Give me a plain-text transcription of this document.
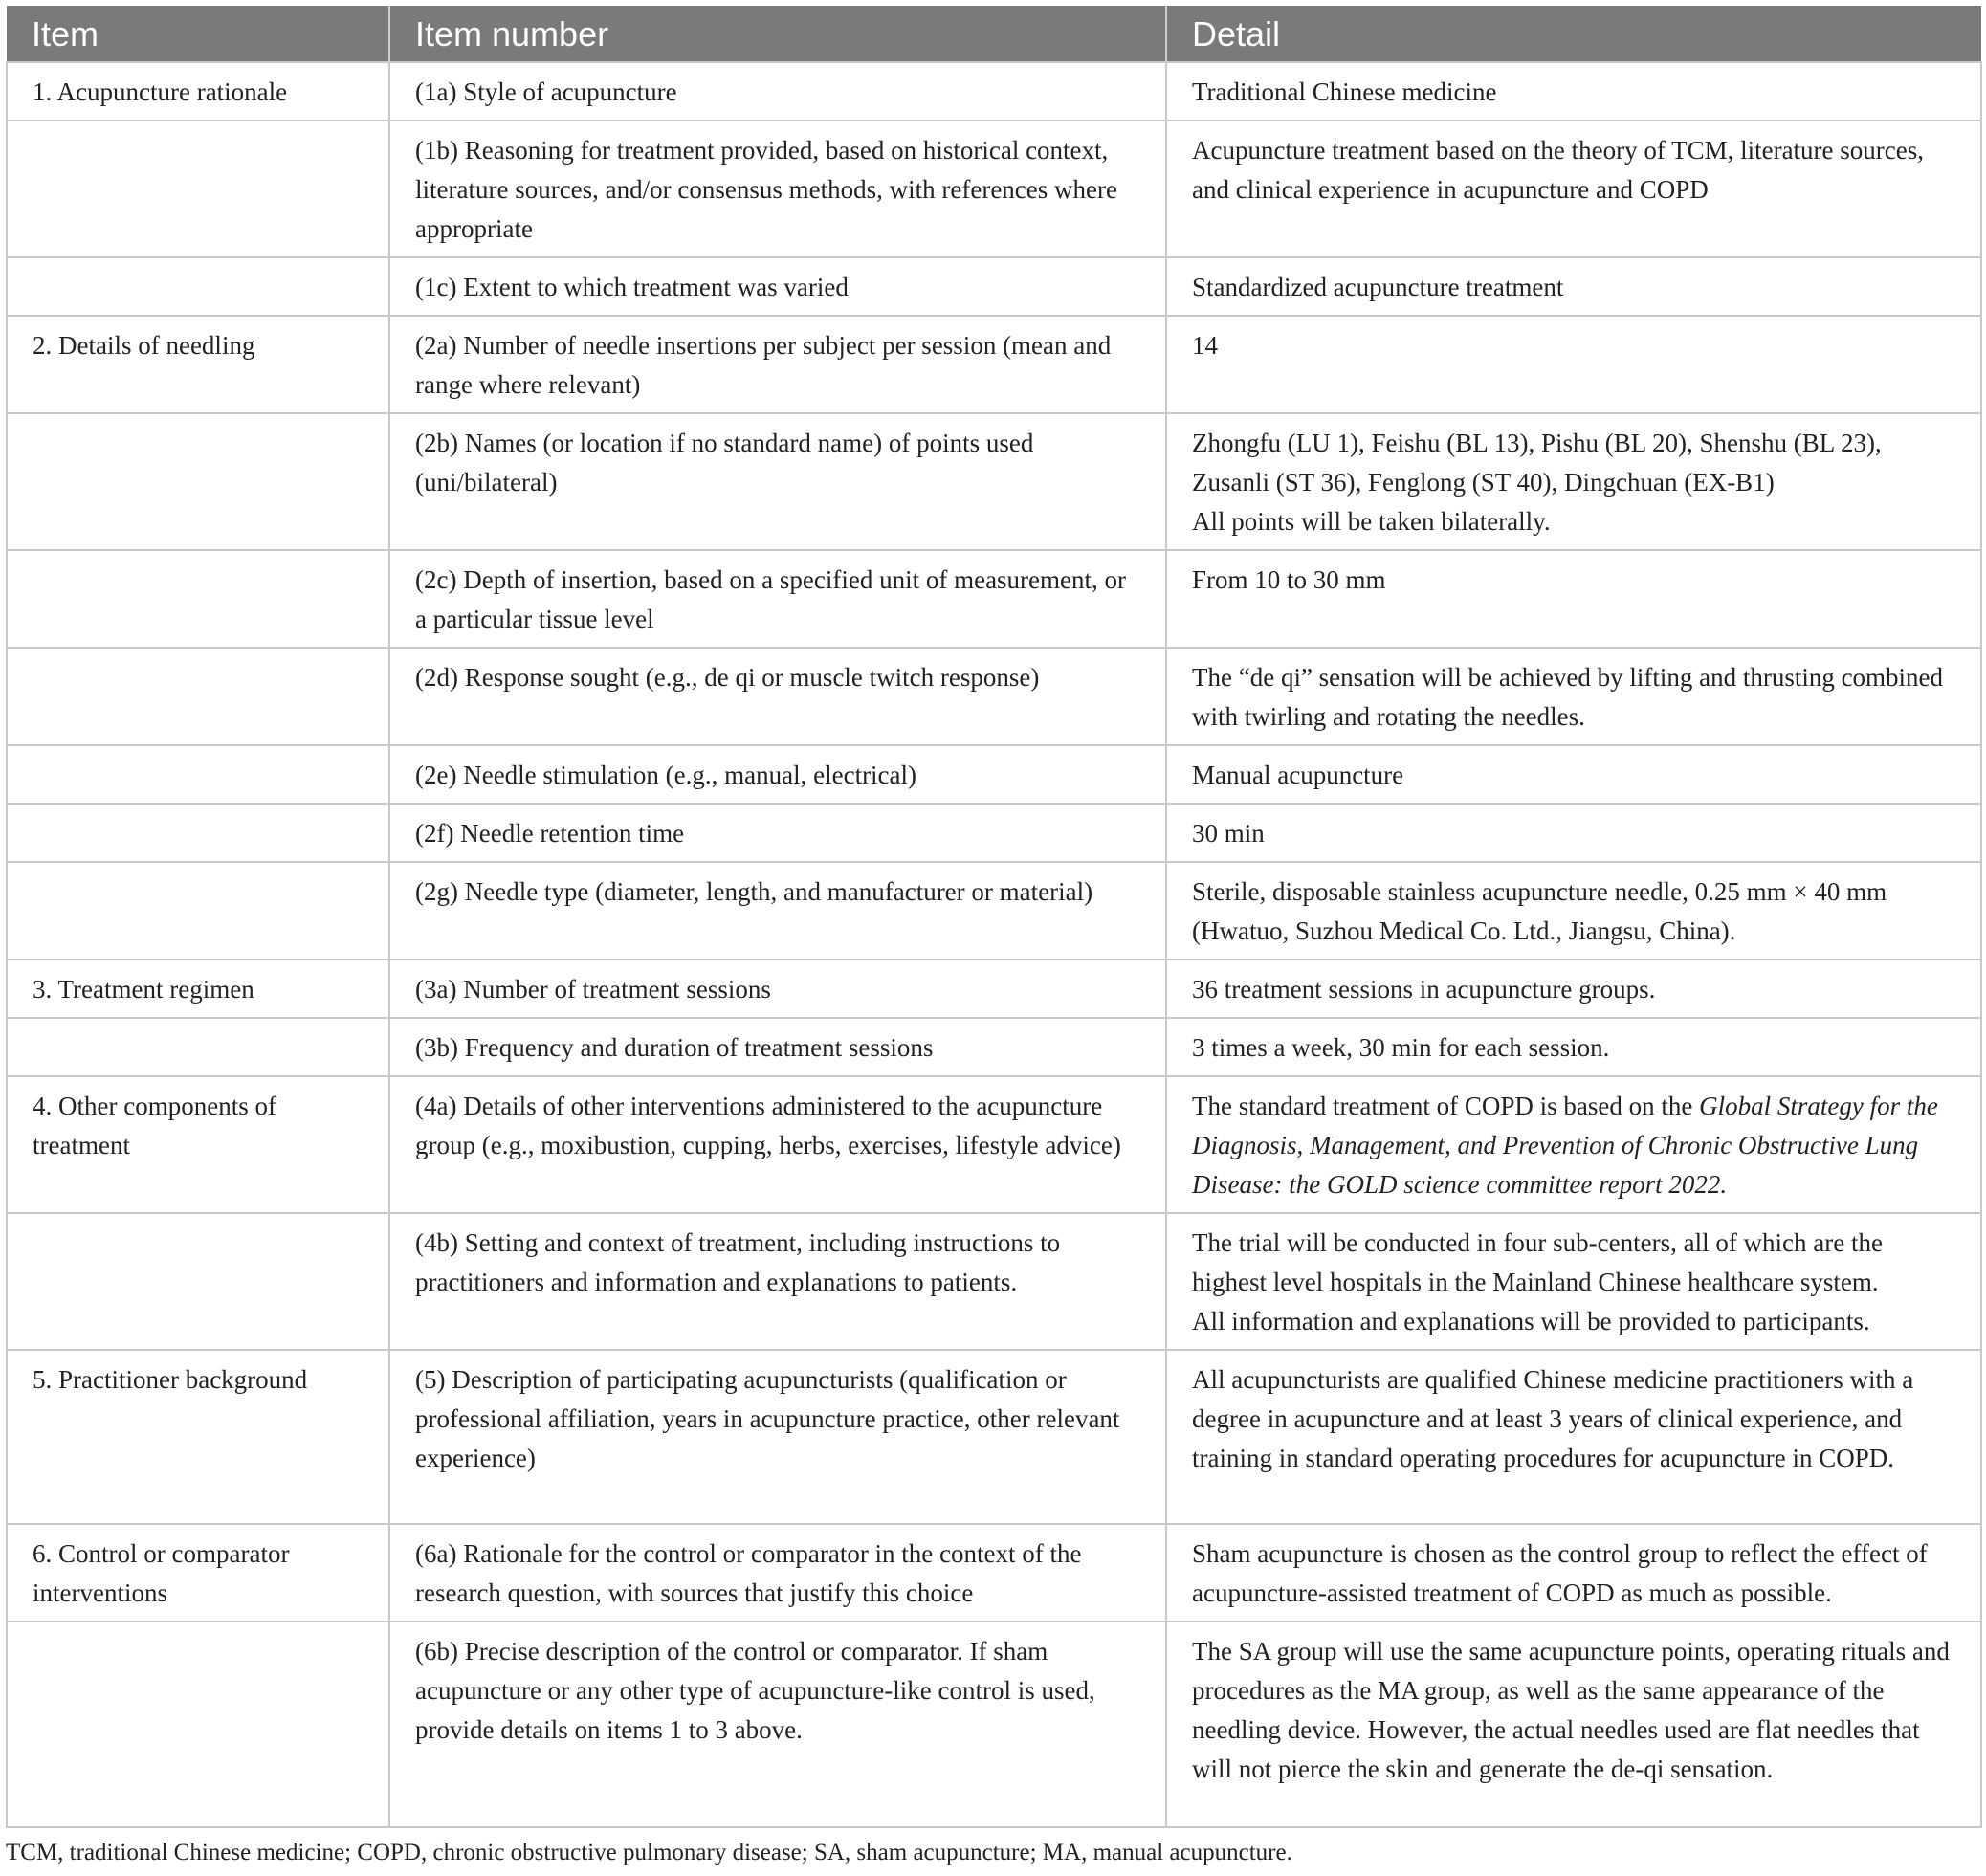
Item	Item number	Detail
1. Acupuncture rationale	(1a) Style of acupuncture	Traditional Chinese medicine

	(1b) Reasoning for treatment provided, based on historical context, literature sources, and/or consensus methods, with references where appropriate	Acupuncture treatment based on the theory of TCM, literature sources, and clinical experience in acupuncture and COPD

	(1c) Extent to which treatment was varied	Standardized acupuncture treatment

2. Details of needling	(2a) Number of needle insertions per subject per session (mean and range where relevant)	14

	(2b) Names (or location if no standard name) of points used (uni/bilateral)	Zhongfu (LU 1), Feishu (BL 13), Pishu (BL 20), Shenshu (BL 23), Zusanli (ST 36), Fenglong (ST 40), Dingchuan (EX-B1)
All points will be taken bilaterally.

	(2c) Depth of insertion, based on a specified unit of measurement, or a particular tissue level	From 10 to 30 mm

	(2d) Response sought (e.g., de qi or muscle twitch response)	The “de qi” sensation will be achieved by lifting and thrusting combined with twirling and rotating the needles.

	(2e) Needle stimulation (e.g., manual, electrical)	Manual acupuncture

	(2f) Needle retention time	30 min

	(2g) Needle type (diameter, length, and manufacturer or material)	Sterile, disposable stainless acupuncture needle, 0.25 mm × 40 mm (Hwatuo, Suzhou Medical Co. Ltd., Jiangsu, China).

3. Treatment regimen	(3a) Number of treatment sessions	36 treatment sessions in acupuncture groups.

	(3b) Frequency and duration of treatment sessions	3 times a week, 30 min for each session.

4. Other components of treatment	(4a) Details of other interventions administered to the acupuncture group (e.g., moxibustion, cupping, herbs, exercises, lifestyle advice)	The standard treatment of COPD is based on the Global Strategy for the Diagnosis, Management, and Prevention of Chronic Obstructive Lung Disease: the GOLD science committee report 2022.
	(4b) Setting and context of treatment, including instructions to practitioners and information and explanations to patients.	The trial will be conducted in four sub-centers, all of which are the highest level hospitals in the Mainland Chinese healthcare system.
All information and explanations will be provided to participants.

5. Practitioner background	(5) Description of participating acupuncturists (qualification or professional affiliation, years in acupuncture practice, other relevant experience)	All acupuncturists are qualified Chinese medicine practitioners with a degree in acupuncture and at least 3 years of clinical experience, and training in standard operating procedures for acupuncture in COPD.

6. Control or comparator interventions	(6a) Rationale for the control or comparator in the context of the research question, with sources that justify this choice	Sham acupuncture is chosen as the control group to reflect the effect of acupuncture-assisted treatment of COPD as much as possible.

	(6b) Precise description of the control or comparator. If sham acupuncture or any other type of acupuncture-like control is used, provide details on items 1 to 3 above.	The SA group will use the same acupuncture points, operating rituals and procedures as the MA group, as well as the same appearance of the needling device. However, the actual needles used are flat needles that will not pierce the skin and generate the de-qi sensation.
TCM, traditional Chinese medicine; COPD, chronic obstructive pulmonary disease; SA, sham acupuncture; MA, manual acupuncture.
